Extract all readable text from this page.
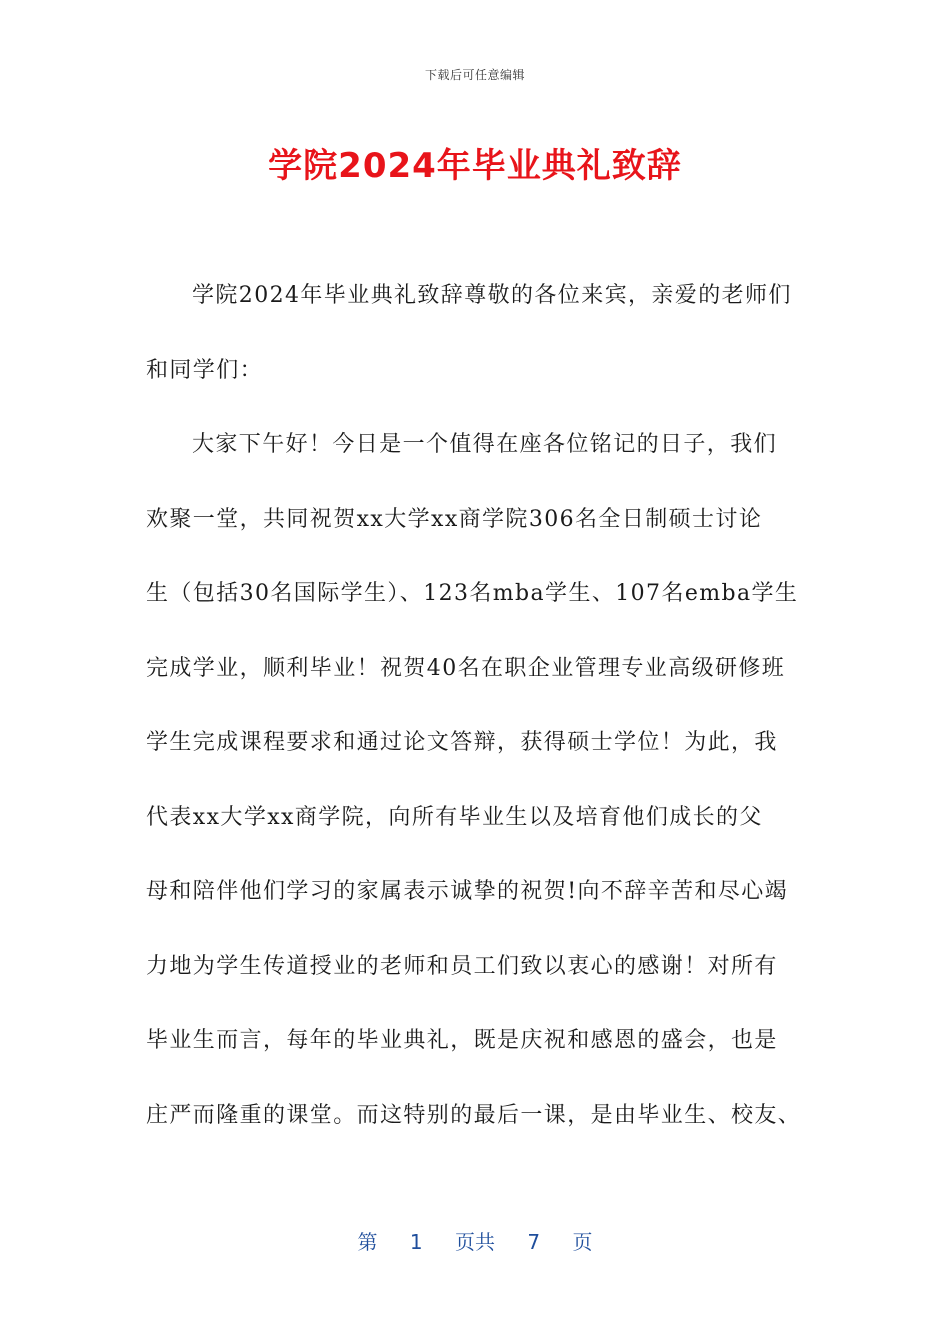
下载后可任意编辑
学院2024年毕业典礼致辞
学院2024年毕业典礼致辞尊敬的各位来宾，亲爱的老师们
和同学们：
大家下午好！今日是一个值得在座各位铭记的日子，我们
欢聚一堂，共同祝贺xx大学xx商学院306名全日制硕士讨论
生（包括30名国际学生）、123名mba学生、107名emba学生
完成学业，顺利毕业！祝贺40名在职企业管理专业高级研修班
学生完成课程要求和通过论文答辩，获得硕士学位！为此，我
代表xx大学xx商学院，向所有毕业生以及培育他们成长的父
母和陪伴他们学习的家属表示诚挚的祝贺!向不辞辛苦和尽心竭
力地为学生传道授业的老师和员工们致以衷心的感谢！对所有
毕业生而言，每年的毕业典礼，既是庆祝和感恩的盛会，也是
庄严而隆重的课堂。而这特别的最后一课，是由毕业生、校友、
第 1 页共 7 页
